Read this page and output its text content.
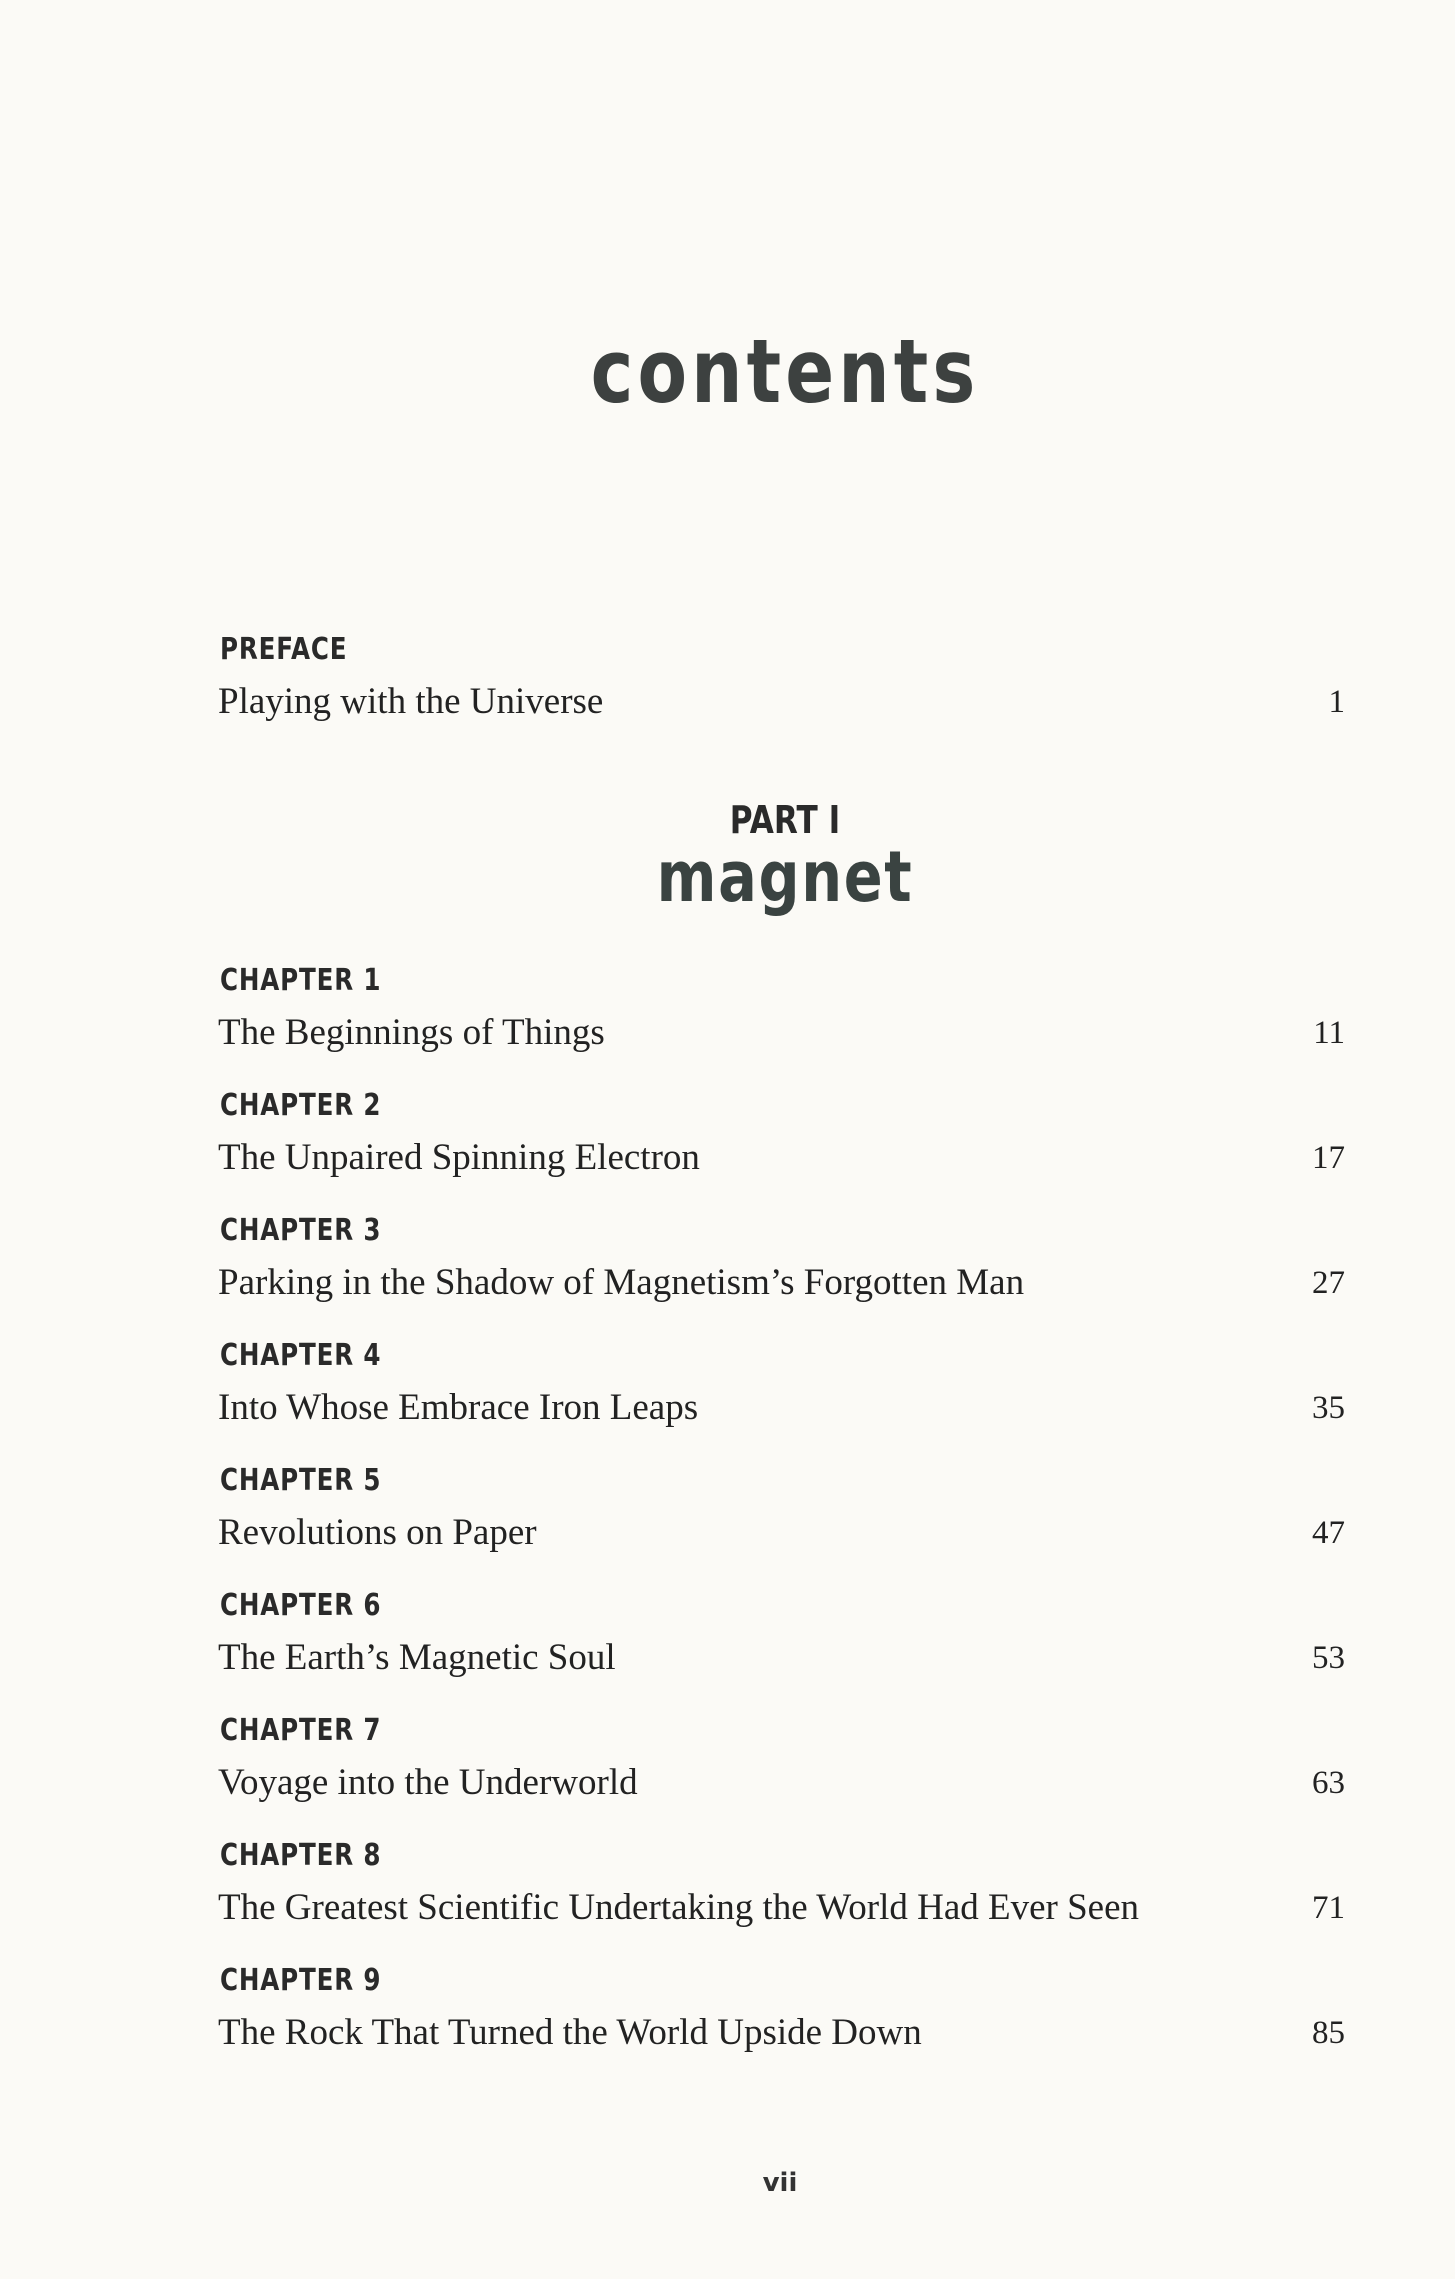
contents
PREFACE
Playing with the Universe	1
PART I
magnet
CHAPTER 1
The Beginnings of Things	11
CHAPTER 2
The Unpaired Spinning Electron	17
CHAPTER 3
Parking in the Shadow of Magnetism’s Forgotten Man	27
CHAPTER 4
Into Whose Embrace Iron Leaps	35
CHAPTER 5
Revolutions on Paper	47
CHAPTER 6
The Earth’s Magnetic Soul	53
CHAPTER 7
Voyage into the Underworld	63
CHAPTER 8
The Greatest Scientific Undertaking the World Had Ever Seen	71
CHAPTER 9
The Rock That Turned the World Upside Down	85
vii
